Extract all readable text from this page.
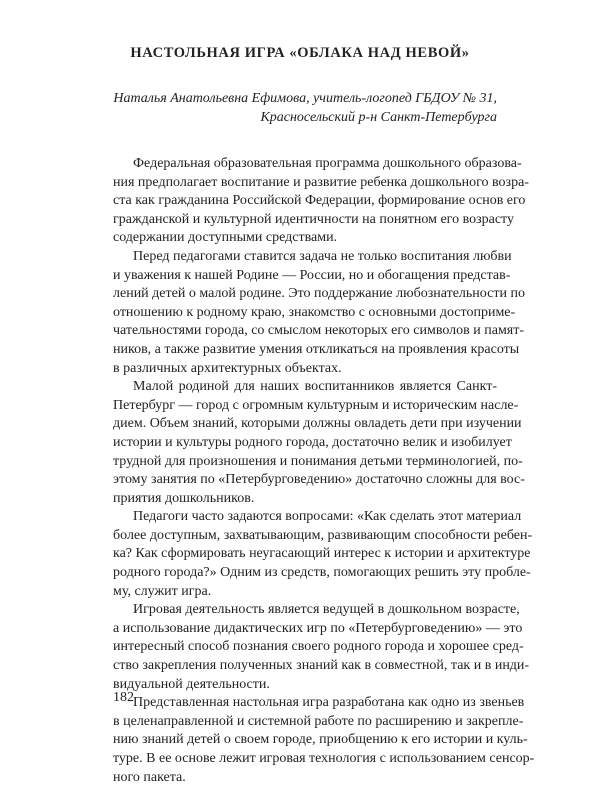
НАСТОЛЬНАЯ ИГРА «ОБЛАКА НАД НЕВОЙ»
Наталья Анатольевна Ефимова, учитель-логопед ГБДОУ № 31,
Красносельский р-н Санкт-Петербурга
Федеральная образовательная программа дошкольного образова-
ния предполагает воспитание и развитие ребенка дошкольного возра-
ста как гражданина Российской Федерации, формирование основ его
гражданской и культурной идентичности на понятном его возрасту
содержании доступными средствами.
Перед педагогами ставится задача не только воспитания любви
и уважения к нашей Родине — России, но и обогащения представ-
лений детей о малой родине. Это поддержание любознательности по
отношению к родному краю, знакомство с основными достоприме-
чательностями города, со смыслом некоторых его символов и памят-
ников, а также развитие умения откликаться на проявления красоты
в различных архитектурных объектах.
Малой родиной для наших воспитанников является Санкт-
Петербург — город с огромным культурным и историческим насле-
дием. Объем знаний, которыми должны овладеть дети при изучении
истории и культуры родного города, достаточно велик и изобилует
трудной для произношения и понимания детьми терминологией, по-
этому занятия по «Петербурговедению» достаточно сложны для вос-
приятия дошкольников.
Педагоги часто задаются вопросами: «Как сделать этот материал
более доступным, захватывающим, развивающим способности ребен-
ка? Как сформировать неугасающий интерес к истории и архитектуре
родного города?» Одним из средств, помогающих решить эту пробле-
му, служит игра.
Игровая деятельность является ведущей в дошкольном возрасте,
а использование дидактических игр по «Петербурговедению» — это
интересный способ познания своего родного города и хорошее сред-
ство закрепления полученных знаний как в совместной, так и в инди-
видуальной деятельности.
Представленная настольная игра разработана как одно из звеньев
в целенаправленной и системной работе по расширению и закрепле-
нию знаний детей о своем городе, приобщению к его истории и куль-
туре. В ее основе лежит игровая технология с использованием сенсор-
ного пакета.
182
